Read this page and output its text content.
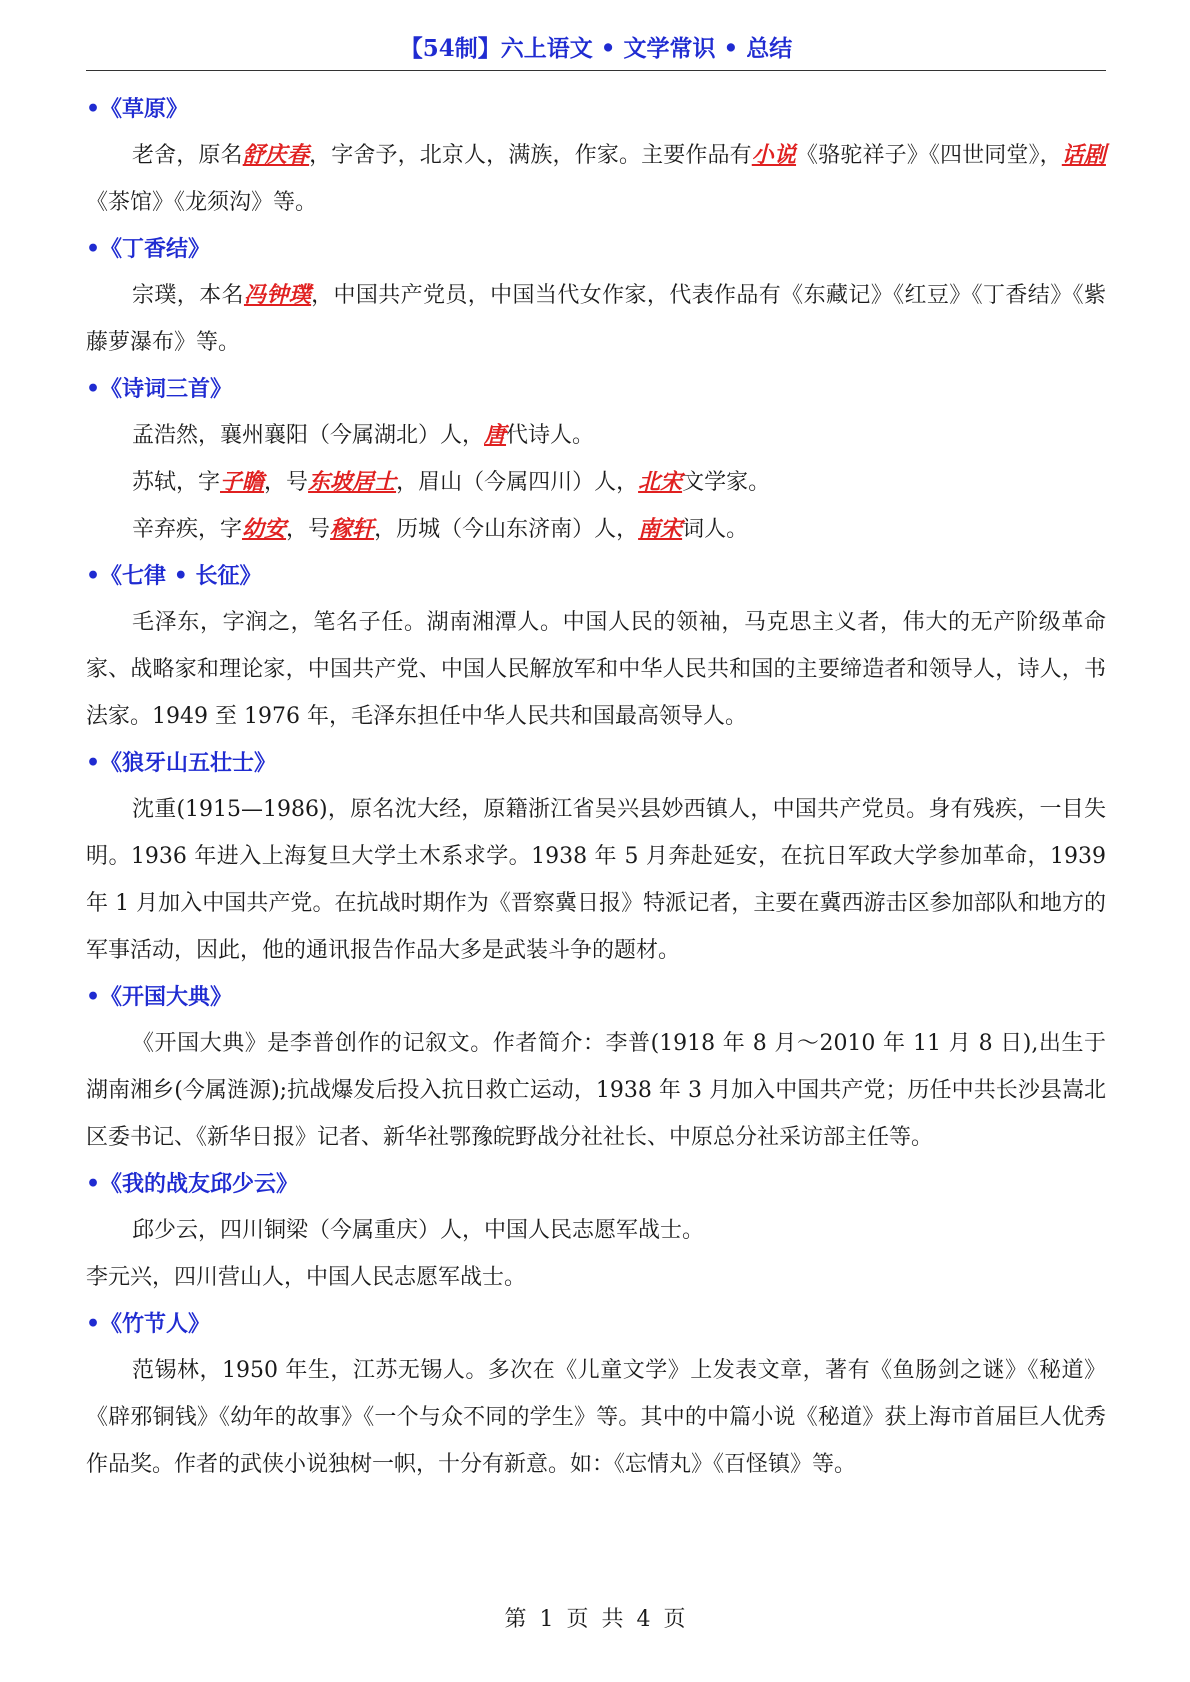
【54制】六上语文 • 文学常识 • 总结
•《草原》
老舍，原名舒庆春，字舍予，北京人，满族，作家。主要作品有小说《骆驼祥子》《四世同堂》，话剧《茶馆》《龙须沟》等。
•《丁香结》
宗璞，本名冯钟璞，中国共产党员，中国当代女作家，代表作品有《东藏记》《红豆》《丁香结》《紫藤萝瀑布》等。
•《诗词三首》
孟浩然，襄州襄阳（今属湖北）人，唐代诗人。
苏轼，字子瞻，号东坡居士，眉山（今属四川）人，北宋文学家。
辛弃疾，字幼安，号稼轩，历城（今山东济南）人，南宋词人。
•《七律 • 长征》
毛泽东，字润之，笔名子任。湖南湘潭人。中国人民的领袖，马克思主义者，伟大的无产阶级革命家、战略家和理论家，中国共产党、中国人民解放军和中华人民共和国的主要缔造者和领导人，诗人，书法家。1949 至 1976 年，毛泽东担任中华人民共和国最高领导人。
•《狼牙山五壮士》
沈重(1915—1986)，原名沈大经，原籍浙江省吴兴县妙西镇人，中国共产党员。身有残疾，一目失明。1936 年进入上海复旦大学土木系求学。1938 年 5 月奔赴延安，在抗日军政大学参加革命，1939 年 1 月加入中国共产党。在抗战时期作为《晋察冀日报》特派记者，主要在冀西游击区参加部队和地方的军事活动，因此，他的通讯报告作品大多是武装斗争的题材。
•《开国大典》
《开国大典》是李普创作的记叙文。作者简介：李普(1918 年 8 月～2010 年 11 月 8 日),出生于湖南湘乡(今属涟源);抗战爆发后投入抗日救亡运动，1938 年 3 月加入中国共产党；历任中共长沙县嵩北区委书记、《新华日报》记者、新华社鄂豫皖野战分社社长、中原总分社采访部主任等。
•《我的战友邱少云》
邱少云，四川铜梁（今属重庆）人，中国人民志愿军战士。
李元兴，四川营山人，中国人民志愿军战士。
•《竹节人》
范锡林，1950 年生，江苏无锡人。多次在《儿童文学》上发表文章，著有《鱼肠剑之谜》《秘道》《辟邪铜钱》《幼年的故事》《一个与众不同的学生》等。其中的中篇小说《秘道》获上海市首届巨人优秀作品奖。作者的武侠小说独树一帜，十分有新意。如：《忘情丸》《百怪镇》等。
第 1 页 共 4 页
